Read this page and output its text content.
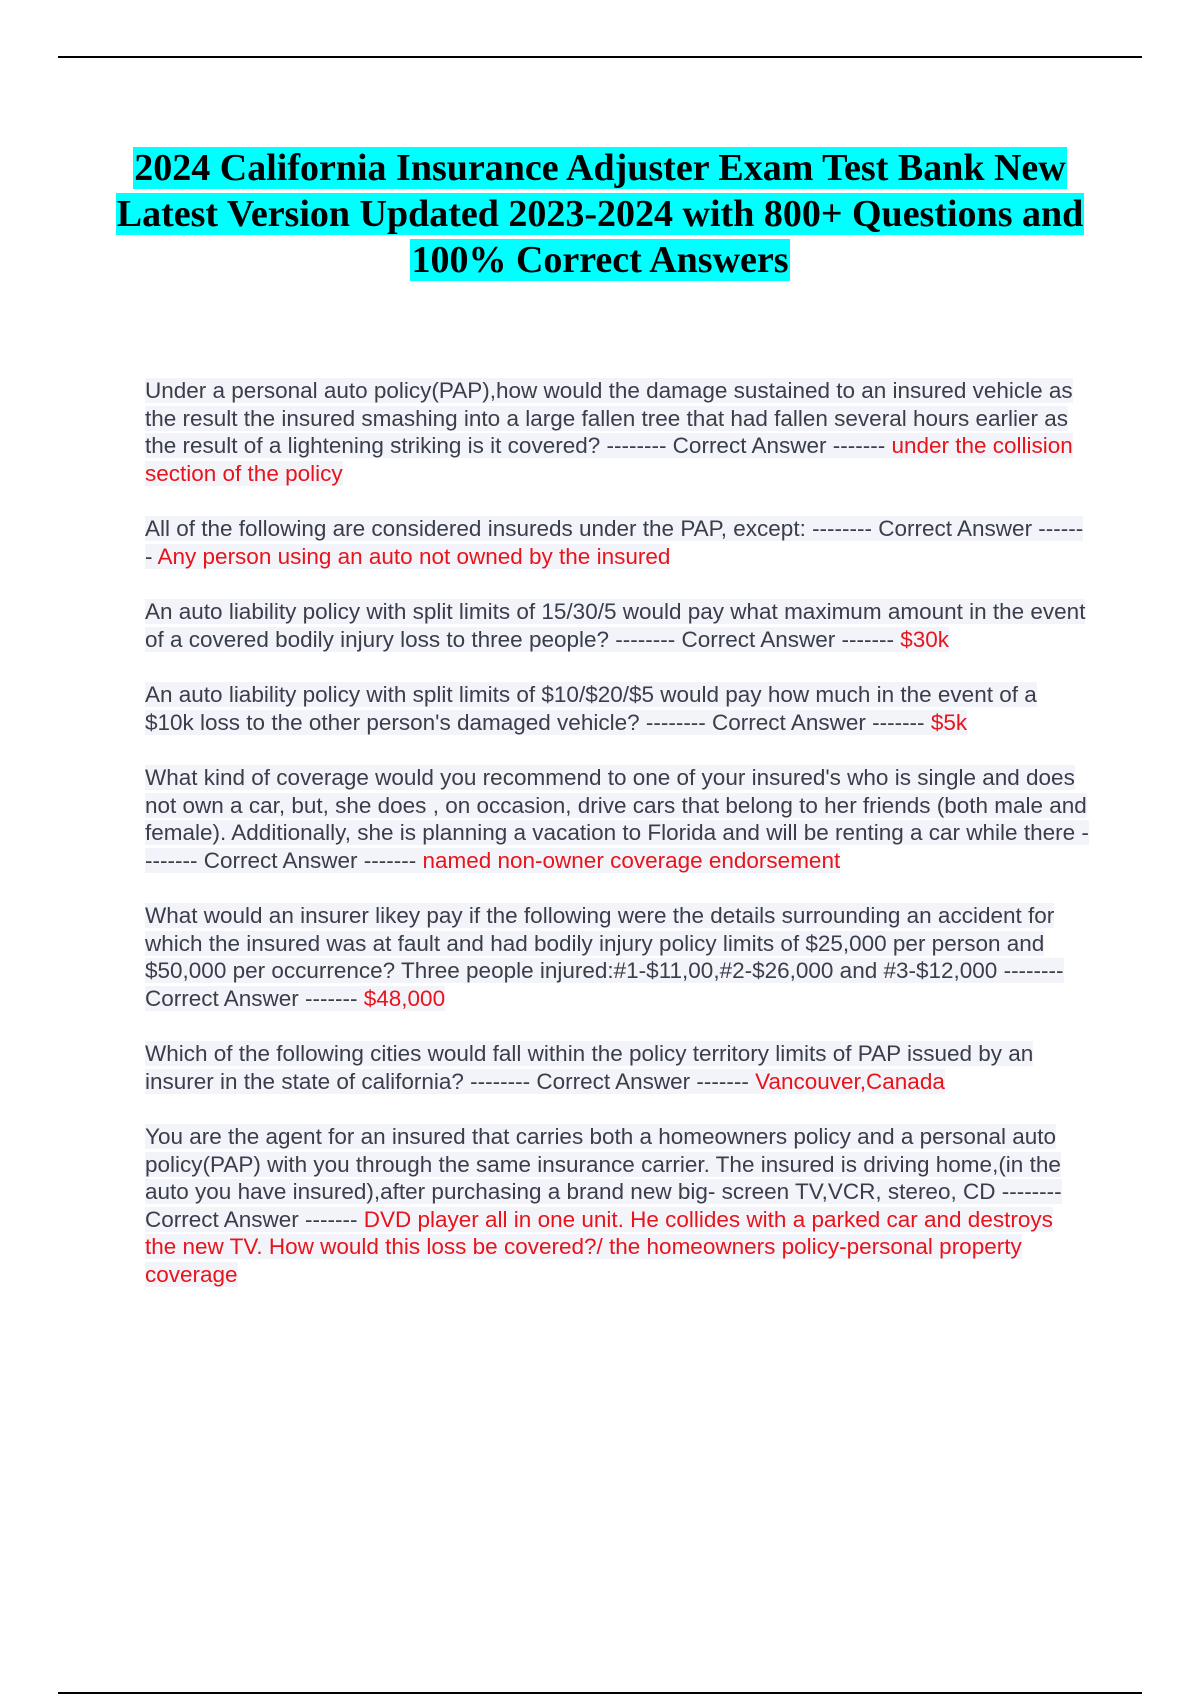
2024 California Insurance Adjuster Exam Test Bank New Latest Version Updated 2023-2024 with 800+ Questions and 100% Correct Answers
Under a personal auto policy(PAP),how would the damage sustained to an insured vehicle as the result the insured smashing into a large fallen tree that had fallen several hours earlier as the result of a lightening striking is it covered? -------- Correct Answer ------- under the collision section of the policy
All of the following are considered insureds under the PAP, except: -------- Correct Answer ------- Any person using an auto not owned by the insured
An auto liability policy with split limits of 15/30/5 would pay what maximum amount in the event of a covered bodily injury loss to three people? -------- Correct Answer ------- $30k
An auto liability policy with split limits of $10/$20/$5 would pay how much in the event of a $10k loss to the other person's damaged vehicle? -------- Correct Answer ------- $5k
What kind of coverage would you recommend to one of your insured's who is single and does not own a car, but, she does , on occasion, drive cars that belong to her friends (both male and female). Additionally, she is planning a vacation to Florida and will be renting a car while there -------- Correct Answer ------- named non-owner coverage endorsement
What would an insurer likey pay if the following were the details surrounding an accident for which the insured was at fault and had bodily injury policy limits of $25,000 per person and $50,000 per occurrence? Three people injured:#1-$11,00,#2-$26,000 and #3-$12,000 -------- Correct Answer ------- $48,000
Which of the following cities would fall within the policy territory limits of PAP issued by an insurer in the state of california? -------- Correct Answer ------- Vancouver,Canada
You are the agent for an insured that carries both a homeowners policy and a personal auto policy(PAP) with you through the same insurance carrier. The insured is driving home,(in the auto you have insured),after purchasing a brand new big- screen TV,VCR, stereo, CD -------- Correct Answer ------- DVD player all in one unit. He collides with a parked car and destroys the new TV. How would this loss be covered?/ the homeowners policy-personal property coverage
